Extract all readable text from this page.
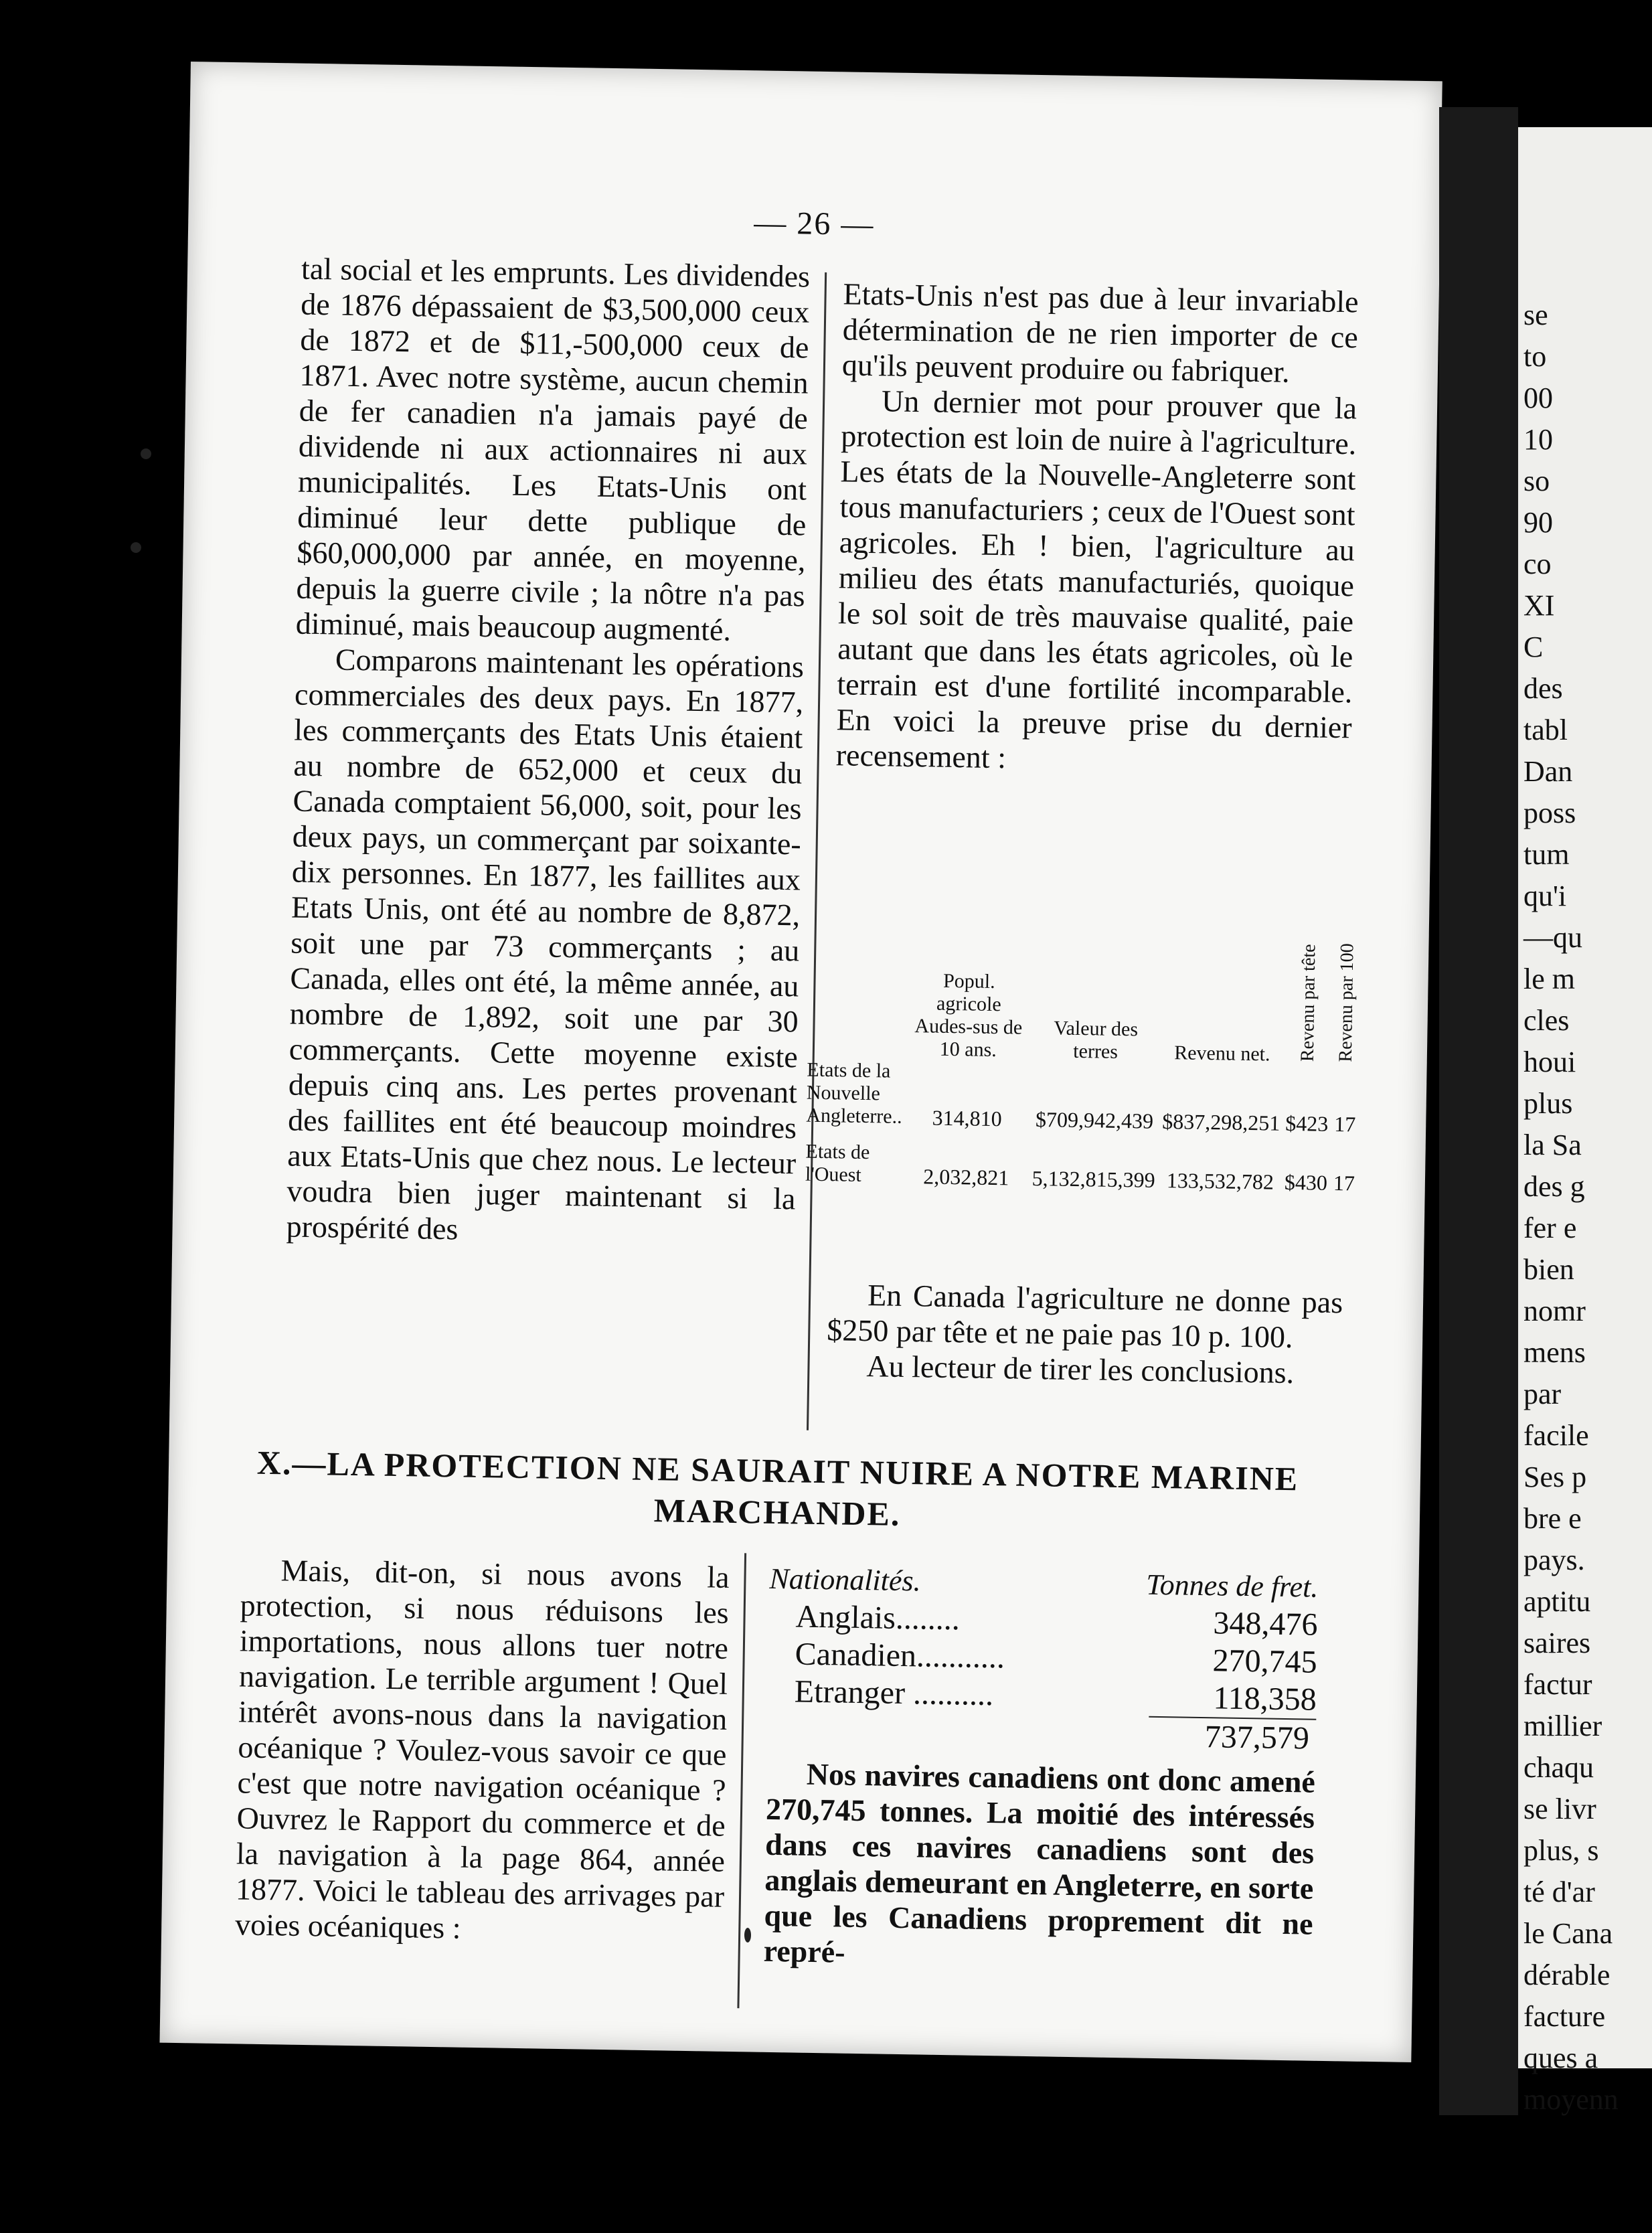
— 26 —

tal social et les emprunts. Les dividendes de 1876 dépassaient de $3,500,000 ceux de 1872 et de $11,-500,000 ceux de 1871. Avec notre système, aucun chemin de fer canadien n'a jamais payé de dividende ni aux actionnaires ni aux municipalités. Les Etats-Unis ont diminué leur dette publique de $60,000,000 par année, en moyenne, depuis la guerre civile ; la nôtre n'a pas diminué, mais beaucoup augmenté.

Comparons maintenant les opérations commerciales des deux pays. En 1877, les commerçants des Etats Unis étaient au nombre de 652,000 et ceux du Canada comptaient 56,000, soit, pour les deux pays, un commerçant par soixante-dix personnes. En 1877, les faillites aux Etats Unis, ont été au nombre de 8,872, soit une par 73 commerçants ; au Canada, elles ont été, la même année, au nombre de 1,892, soit une par 30 commerçants. Cette moyenne existe depuis cinq ans. Les pertes provenant des faillites ent été beaucoup moindres aux Etats-Unis que chez nous. Le lecteur voudra bien juger maintenant si la prospérité des

Etats-Unis n'est pas due à leur invariable détermination de ne rien importer de ce qu'ils peuvent produire ou fabriquer.

Un dernier mot pour prouver que la protection est loin de nuire à l'agriculture. Les états de la Nouvelle-Angleterre sont tous manufacturiers ; ceux de l'Ouest sont agricoles. Eh ! bien, l'agriculture au milieu des états manufacturiés, quoique le sol soit de très mauvaise qualité, paie autant que dans les états agricoles, où le terrain est d'une fortilité incomparable. En voici la preuve prise du dernier recensement :

	Popul. agricole Audes-sus de 10 ans.	Valeur des terres	Revenu net.	Revenu par tête	Revenu par 100
Etats de la Nouvelle Angleterre..	314,810	$709,942,439	$837,298,251	$423	17
Etats de l'Ouest	2,032,821	5,132,815,399	133,532,782	$430	17

En Canada l'agriculture ne donne pas $250 par tête et ne paie pas 10 p. 100.

Au lecteur de tirer les conclusions.

X.—LA PROTECTION NE SAURAIT NUIRE A NOTRE MARINE MARCHANDE.

Mais, dit-on, si nous avons la protection, si nous réduisons les importations, nous allons tuer notre navigation. Le terrible argument ! Quel intérêt avons-nous dans la navigation océanique ? Voulez-vous savoir ce que c'est que notre navigation océanique ? Ouvrez le Rapport du commerce et de la navigation à la page 864, année 1877. Voici le tableau des arrivages par voies océaniques :

Nationalités.	Tonnes de fret.
Anglais........	348,476
Canadien...........	270,745
Etranger ..........	118,358
737,579

Nos navires canadiens ont donc amené 270,745 tonnes. La moitié des intéressés dans ces navires canadiens sont des anglais demeurant en Angleterre, en sorte que les Canadiens proprement dit ne repré-

se
to
00
10
so
90
co
XI
C
des
tabl
Dan
poss
tum
qu'i
—qu
le m
cles
houi
plus
la Sa
des g
fer e
bien
nomr
mens
par
facile
Ses p
bre e
pays.
aptitu
saires
factur
millier
chaqu
se livr
plus, s
té d'ar
le Cana
dérable
facture
ques a
moyenn
